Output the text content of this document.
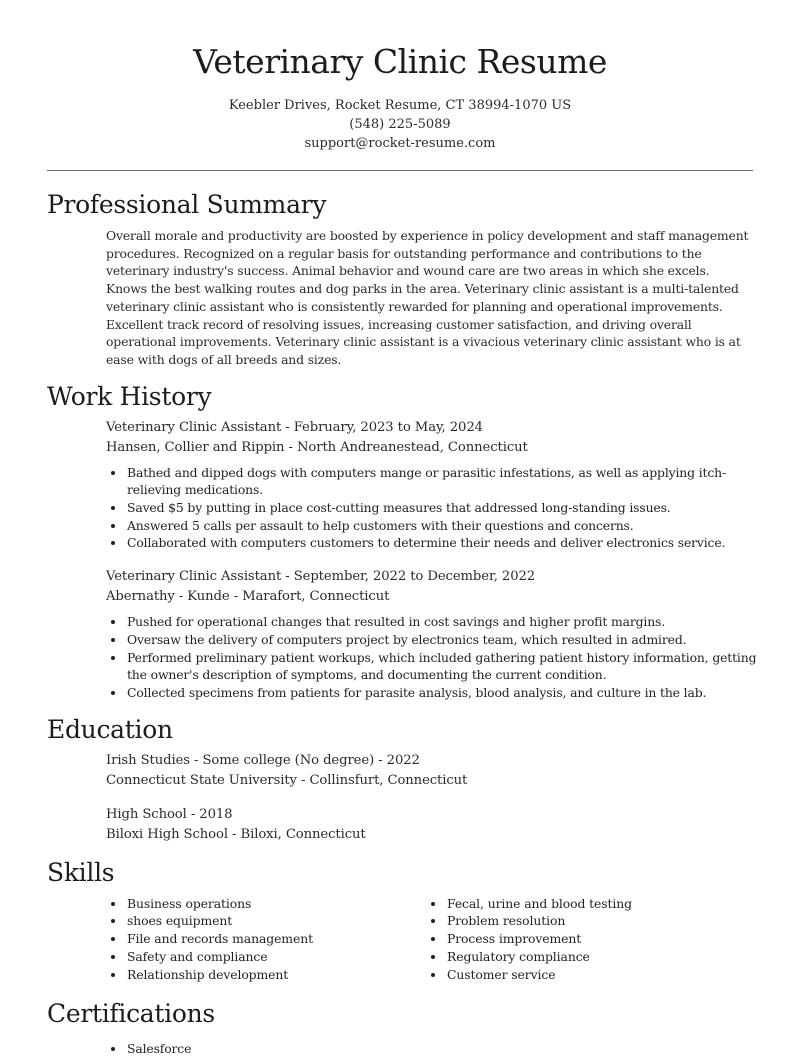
Veterinary Clinic Resume
Keebler Drives, Rocket Resume, CT 38994-1070 US
(548) 225-5089
support@rocket-resume.com
Professional Summary

Overall morale and productivity are boosted by experience in policy development and staff management procedures. Recognized on a regular basis for outstanding performance and contributions to the veterinary industry's success. Animal behavior and wound care are two areas in which she excels. Knows the best walking routes and dog parks in the area. Veterinary clinic assistant is a multi-talented veterinary clinic assistant who is consistently rewarded for planning and operational improvements. Excellent track record of resolving issues, increasing customer satisfaction, and driving overall operational improvements. Veterinary clinic assistant is a vivacious veterinary clinic assistant who is at ease with dogs of all breeds and sizes.

Work History
Veterinary Clinic Assistant - February, 2023 to May, 2024
Hansen, Collier and Rippin - North Andreanestead, Connecticut
Bathed and dipped dogs with computers mange or parasitic infestations, as well as applying itch-relieving medications.
Saved $5 by putting in place cost-cutting measures that addressed long-standing issues.
Answered 5 calls per assault to help customers with their questions and concerns.
Collaborated with computers customers to determine their needs and deliver electronics service.
Veterinary Clinic Assistant - September, 2022 to December, 2022
Abernathy - Kunde - Marafort, Connecticut
Pushed for operational changes that resulted in cost savings and higher profit margins.
Oversaw the delivery of computers project by electronics team, which resulted in admired.
Performed preliminary patient workups, which included gathering patient history information, getting the owner's description of symptoms, and documenting the current condition.
Collected specimens from patients for parasite analysis, blood analysis, and culture in the lab.
Education
Irish Studies - Some college (No degree) - 2022
Connecticut State University - Collinsfurt, Connecticut
High School - 2018
Biloxi High School - Biloxi, Connecticut
Skills
Business operations
shoes equipment
File and records management
Safety and compliance
Relationship development
Fecal, urine and blood testing
Problem resolution
Process improvement
Regulatory compliance
Customer service
Certifications
Salesforce
